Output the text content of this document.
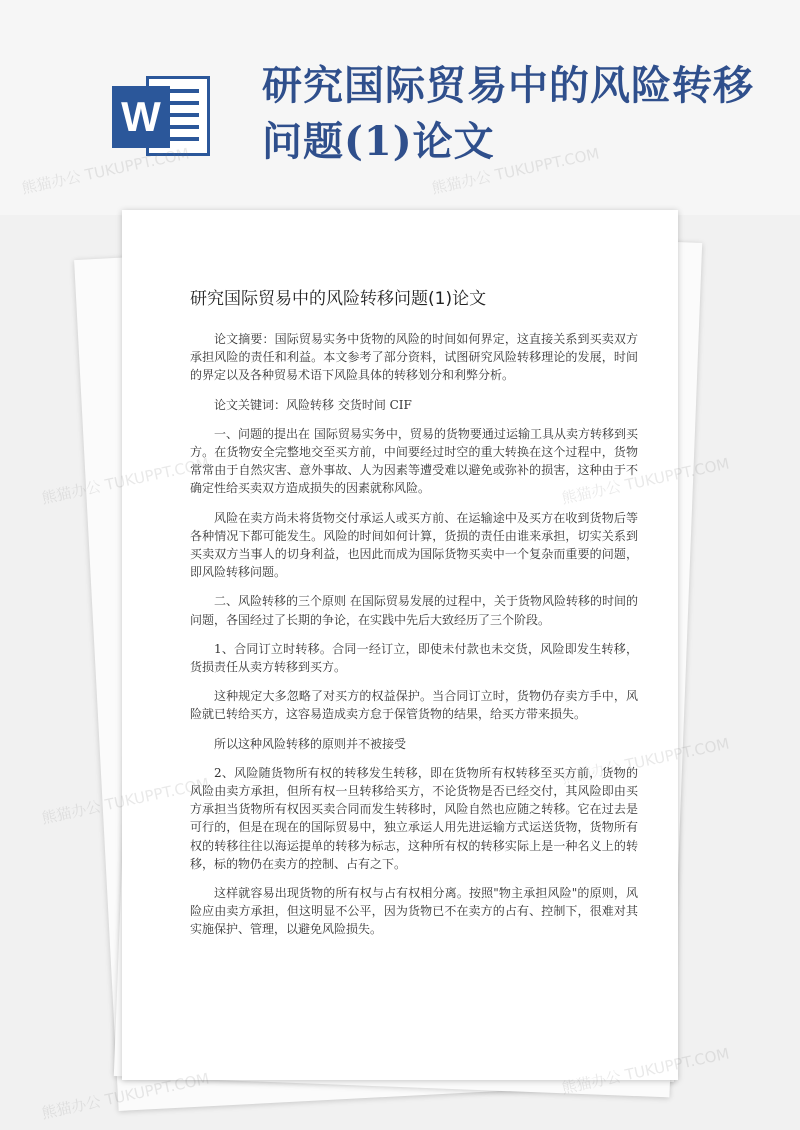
W
研究国际贸易中的风险转移问题(1)论文
研究国际贸易中的风险转移问题(1)论文

论文摘要：国际贸易实务中货物的风险的时间如何界定，这直接关系到买卖双方承担风险的责任和利益。本文参考了部分资料，试图研究风险转移理论的发展，时间的界定以及各种贸易术语下风险具体的转移划分和利弊分析。

论文关键词：风险转移 交货时间 CIF

一、问题的提出在 国际贸易实务中，贸易的货物要通过运输工具从卖方转移到买方。在货物安全完整地交至买方前，中间要经过时空的重大转换在这个过程中，货物常常由于自然灾害、意外事故、人为因素等遭受难以避免或弥补的损害，这种由于不确定性给买卖双方造成损失的因素就称风险。

风险在卖方尚未将货物交付承运人或买方前、在运输途中及买方在收到货物后等各种情况下都可能发生。风险的时间如何计算，货损的责任由谁来承担，切实关系到买卖双方当事人的切身利益，也因此而成为国际货物买卖中一个复杂而重要的问题，即风险转移问题。

二、风险转移的三个原则 在国际贸易发展的过程中，关于货物风险转移的时间的问题，各国经过了长期的争论，在实践中先后大致经历了三个阶段。

1、合同订立时转移。合同一经订立，即使未付款也未交货，风险即发生转移，货损责任从卖方转移到买方。

这种规定大多忽略了对买方的权益保护。当合同订立时，货物仍存卖方手中，风险就已转给买方，这容易造成卖方怠于保管货物的结果，给买方带来损失。

所以这种风险转移的原则并不被接受

2、风险随货物所有权的转移发生转移，即在货物所有权转移至买方前，货物的风险由卖方承担，但所有权一旦转移给买方，不论货物是否已经交付，其风险即由买方承担当货物所有权因买卖合同而发生转移时，风险自然也应随之转移。它在过去是可行的，但是在现在的国际贸易中，独立承运人用先进运输方式运送货物，货物所有权的转移往往以海运提单的转移为标志，这种所有权的转移实际上是一种名义上的转移，标的物仍在卖方的控制、占有之下。

这样就容易出现货物的所有权与占有权相分离。按照"物主承担风险"的原则，风险应由卖方承担，但这明显不公平，因为货物已不在卖方的占有、控制下，很难对其实施保护、管理，以避免风险损失。

熊猫办公
熊猫办公
熊猫办公
